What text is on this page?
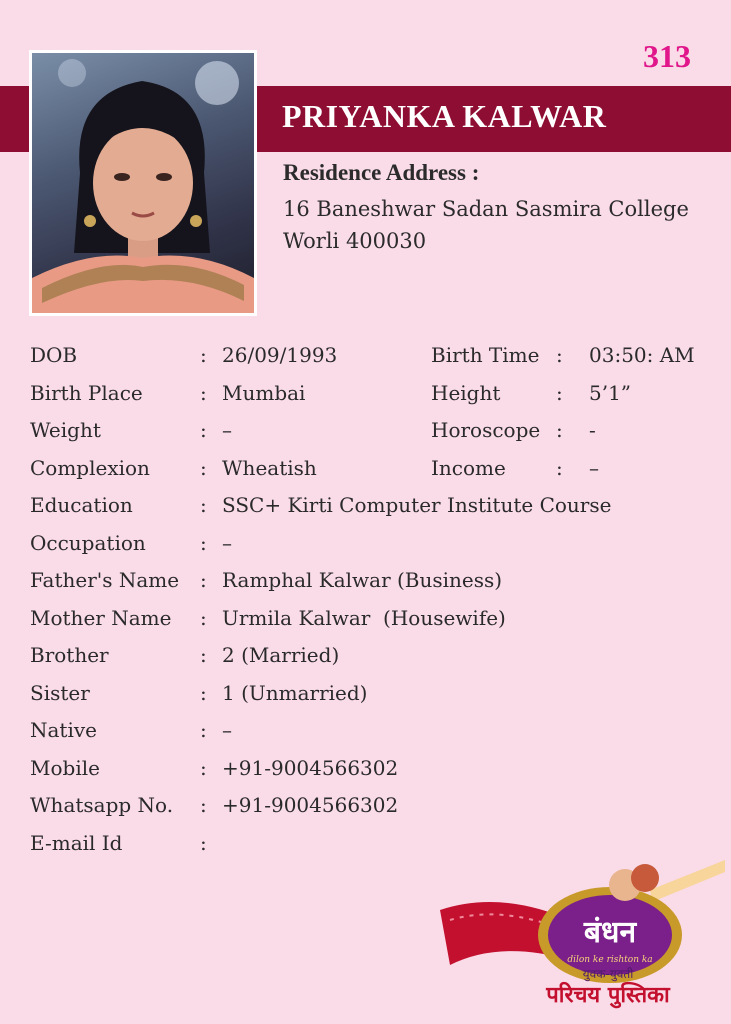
313
PRIYANKA KALWAR
Residence Address :
16 Baneshwar Sadan Sasmira College Worli 400030
DOB	: 26/09/1993	Birth Time : 03:50: AM
Birth Place	: Mumbai	Height	: 5’1”
Weight	: –	Horoscope : -
Complexion	: Wheatish	Income	: –
Education	: SSC+ Kirti Computer Institute Course
Occupation	: –
Father's Name : Ramphal Kalwar (Business)
Mother Name : Urmila Kalwar  (Housewife)
Brother	: 2 (Married)
Sister	: 1 (Unmarried)
Native	: –
Mobile	: +91-9004566302
Whatsapp No. : +91-9004566302
E-mail Id	:
बंधन
dilon ke rishton ka
युवक-युवती
परिचय पुस्तिका
